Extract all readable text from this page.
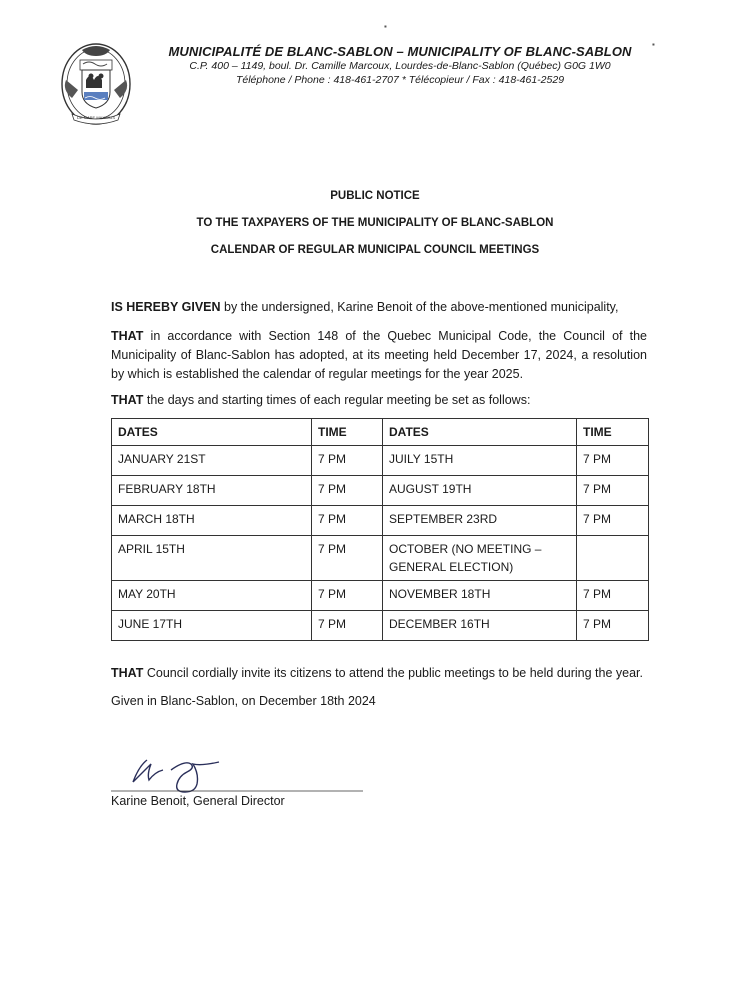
DE MARE MAXIMUS
MUNICIPALITÉ DE BLANC-SABLON – MUNICIPALITY OF BLANC-SABLON
C.P. 400 – 1149, boul. Dr. Camille Marcoux, Lourdes-de-Blanc-Sablon (Québec) G0G 1W0
Téléphone / Phone : 418-461-2707 * Télécopieur / Fax : 418-461-2529
▪
▪
PUBLIC NOTICE
TO THE TAXPAYERS OF THE MUNICIPALITY OF BLANC-SABLON
CALENDAR OF REGULAR MUNICIPAL COUNCIL MEETINGS
IS HEREBY GIVEN by the undersigned, Karine Benoit of the above-mentioned municipality,
THAT in accordance with Section 148 of the Quebec Municipal Code, the Council of the Municipality of Blanc-Sablon has adopted, at its meeting held December 17, 2024, a resolution by which is established the calendar of regular meetings for the year 2025.
THAT the days and starting times of each regular meeting be set as follows:
DATES	TIME	DATES	TIME
JANUARY 21ST	7 PM	JUILY 15TH	7 PM
FEBRUARY 18TH	7 PM	AUGUST 19TH	7 PM
MARCH 18TH	7 PM	SEPTEMBER 23RD	7 PM
APRIL 15TH	7 PM	OCTOBER (NO MEETING – GENERAL ELECTION)	
MAY 20TH	7 PM	NOVEMBER 18TH	7 PM
JUNE 17TH	7 PM	DECEMBER 16TH	7 PM
THAT Council cordially invite its citizens to attend the public meetings to be held during the year.
Given in Blanc-Sablon, on December 18th 2024
Karine Benoit, General Director
